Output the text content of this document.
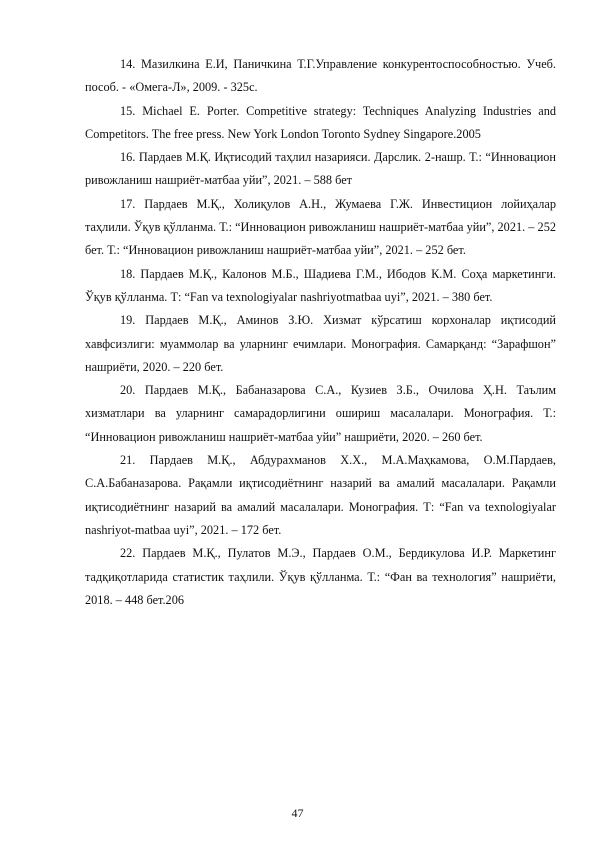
14. Мазилкина Е.И, Паничкина Т.Г.Управление конкурентоспособностью. Учеб. пособ. - «Омега-Л», 2009. - 325с.

15. Michael E. Porter. Competitive strategy: Techniques Analyzing Industries and Competitors. The free press. New York London Toronto Sydney Singapore.2005

16. Пардаев М.Қ. Иқтисодий таҳлил назарияси. Дарслик. 2-нашр. Т.: “Инновацион ривожланиш нашриёт-матбаа уйи”, 2021. – 588 бет

17. Пардаев М.Қ., Холиқулов А.Н., Жумаева Г.Ж. Инвестицион лойиҳалар таҳлили. Ўқув қўлланма. Т.: “Инновацион ривожланиш нашриёт-матбаа уйи”, 2021. – 252 бет. Т.: “Инновацион ривожланиш нашриёт-матбаа уйи”, 2021. – 252 бет.

18. Пардаев М.Қ., Калонов М.Б., Шадиева Г.М., Ибодов К.М. Соҳа маркетинги. Ўқув қўлланма. Т: “Fan va texnologiyalar nashriyotmatbaa uyi”, 2021. – 380 бет.

19. Пардаев М.Қ., Аминов З.Ю. Хизмат кўрсатиш корхоналар иқтисодий хавфсизлиги: муаммолар ва уларнинг ечимлари. Монография. Самарқанд: “Зарафшон” нашриёти, 2020. – 220 бет.

20. Пардаев М.Қ., Бабаназарова С.А., Кузиев З.Б., Очилова Ҳ.Н. Таълим хизматлари ва уларнинг самарадорлигини ошириш масалалари. Монография. Т.: “Инновацион ривожланиш нашриёт-матбаа уйи” нашриёти, 2020. – 260 бет.

21. Пардаев М.Қ., Абдурахманов Х.Х., М.А.Маҳкамова, О.М.Пардаев, С.А.Бабаназарова. Рақамли иқтисодиётнинг назарий ва амалий масалалари. Рақамли иқтисодиётнинг назарий ва амалий масалалари. Монография. Т: “Fan va texnologiyalar nashriyot-matbaa uyi”, 2021. – 172 бет.

22. Пардаев М.Қ., Пулатов М.Э., Пардаев О.М., Бердикулова И.Р. Маркетинг тадқиқотларида статистик таҳлили. Ўқув қўлланма. Т.: “Фан ва технология” нашриёти, 2018. – 448 бет.206

47
